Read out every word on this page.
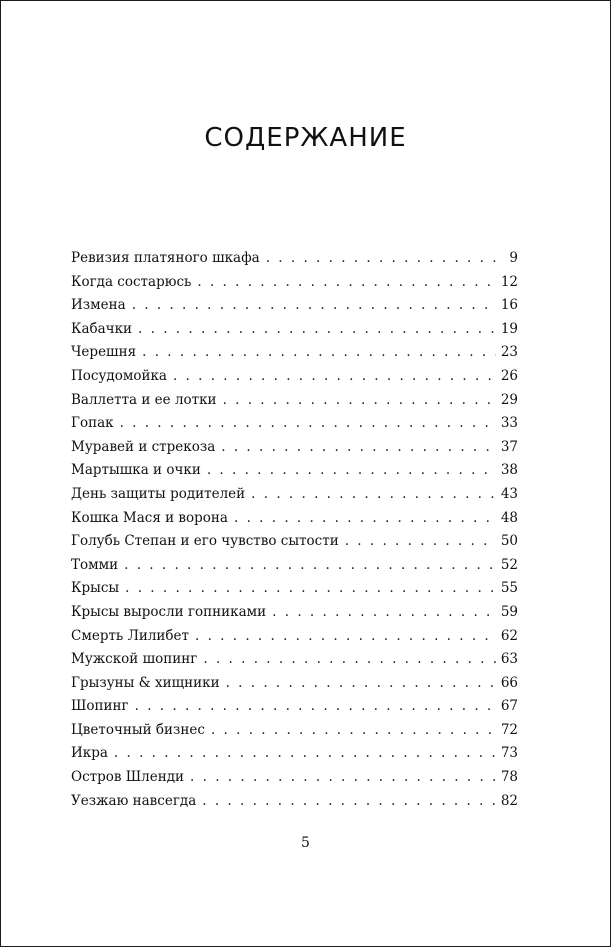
СОДЕРЖАНИЕ
Ревизия платяного шкафа . . .	9
Когда состарюсь . . .	12
Измена . . .	16
Кабачки . . .	19
Черешня . . .	23
Посудомойка . . .	26
Валлетта и ее лотки . . .	29
Гопак . . .	33
Муравей и стрекоза . . .	37
Мартышка и очки . . .	38
День защиты родителей . . .	43
Кошка Мася и ворона . . .	48
Голубь Степан и его чувство сытости . . .	50
Томми . . .	52
Крысы . . .	55
Крысы выросли гопниками . . .	59
Смерть Лилибет . . .	62
Мужской шопинг . . .	63
Грызуны & хищники . . .	66
Шопинг . . .	67
Цветочный бизнес . . .	72
Икра . . .	73
Остров Шленди . . .	78
Уезжаю навсегда . . .	82
5
